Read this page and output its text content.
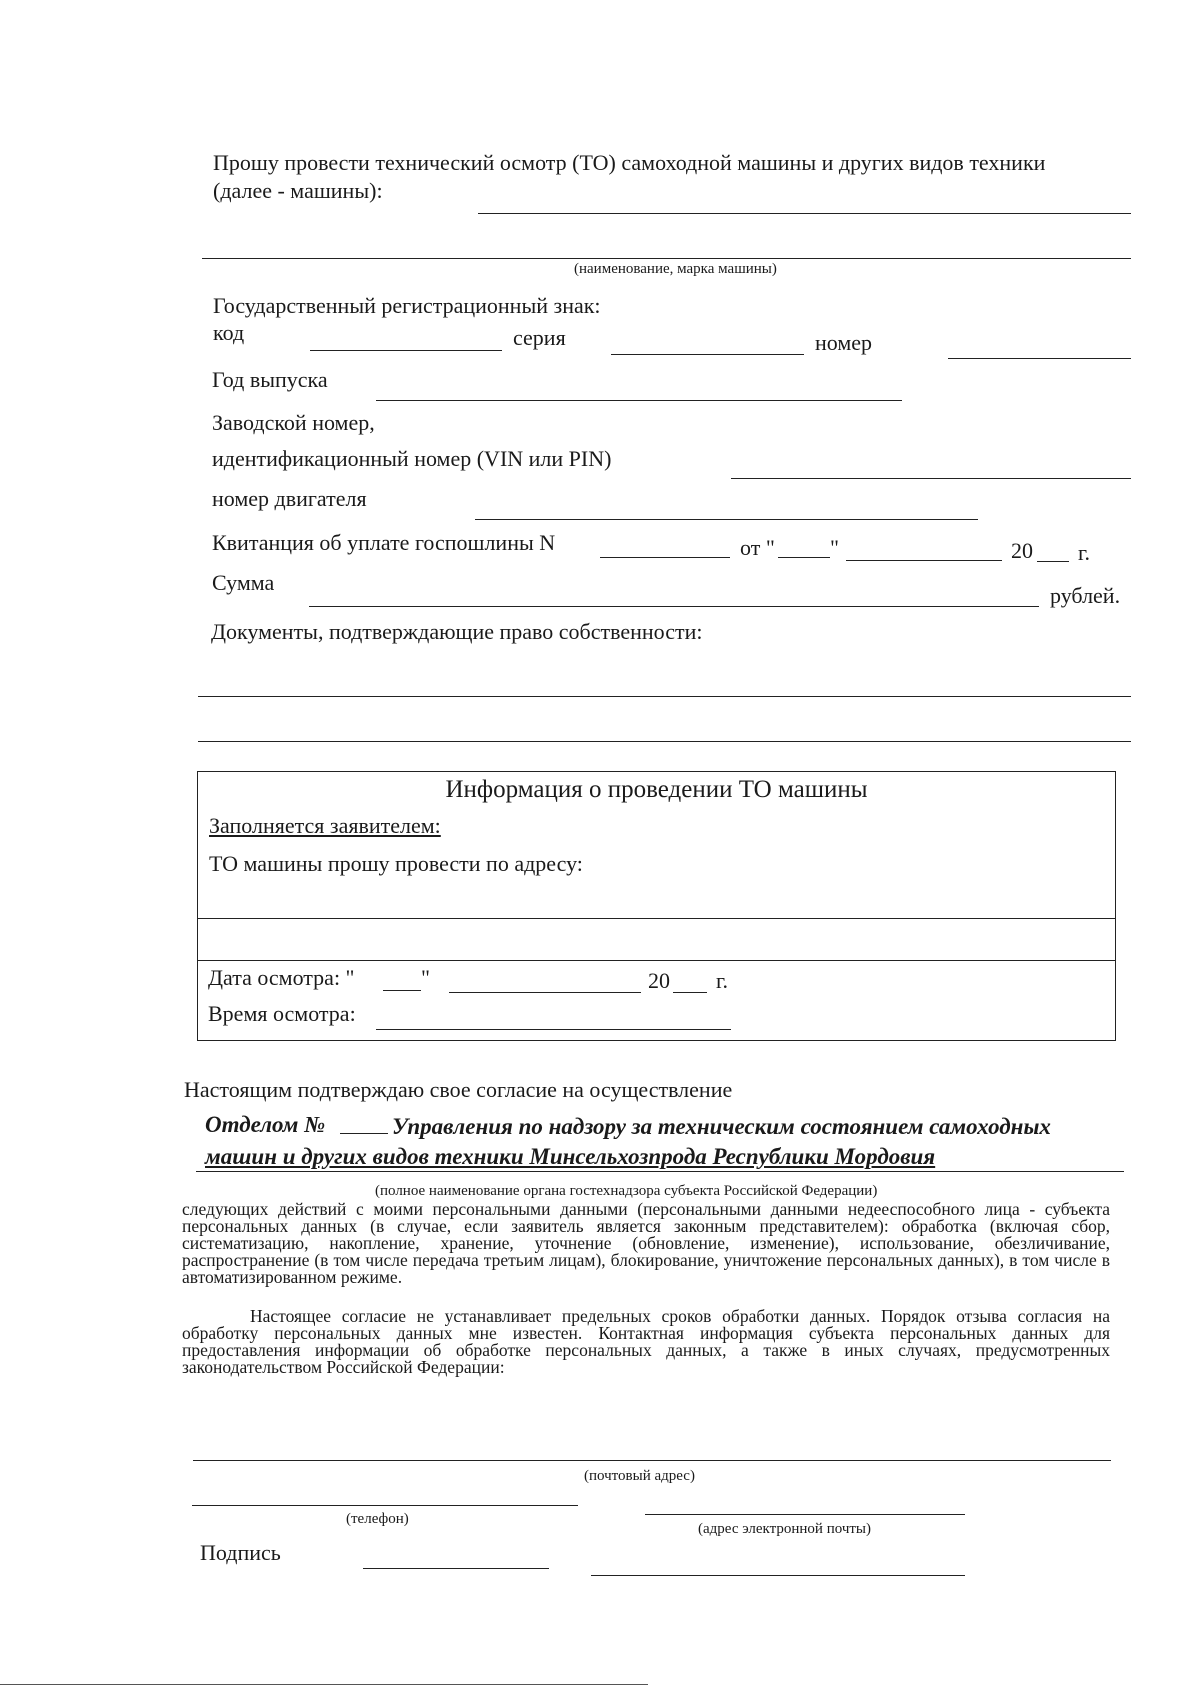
Прошу провести технический осмотр (ТО) самоходной машины и других видов техники
(далее - машины):
(наименование, марка машины)
Государственный регистрационный знак:
код	серия	номер
Год выпуска
Заводской номер,
идентификационный номер (VIN или PIN)
номер двигателя
Квитанция об уплате госпошлины N	от "	"	20 г.
Сумма
рублей.
Документы, подтверждающие право собственности:
Информация о проведении ТО машины
Заполняется заявителем:
ТО машины прошу провести по адресу:
Дата осмотра: "	"	20 г.
Время осмотра:
Настоящим подтверждаю свое согласие на осуществление
Отделом №	Управления по надзору за техническим состоянием самоходных
машин и других видов техники Минсельхозпрода Республики Мордовия
(полное наименование органа гостехнадзора субъекта Российской Федерации)
следующих действий с моими персональными данными (персональными данными недееспособного лица - субъекта персональных данных (в случае, если заявитель является законным представителем): обработка (включая сбор, систематизацию, накопление, хранение, уточнение (обновление, изменение), использование, обезличивание, распространение (в том числе передача третьим лицам), блокирование, уничтожение персональных данных), в том числе в автоматизированном режиме.
Настоящее согласие не устанавливает предельных сроков обработки данных. Порядок отзыва согласия на обработку персональных данных мне известен. Контактная информация субъекта персональных данных для предоставления информации об обработке персональных данных, а также в иных случаях, предусмотренных законодательством Российской Федерации:
(почтовый адрес)
(телефон)
(адрес электронной почты)
Подпись
